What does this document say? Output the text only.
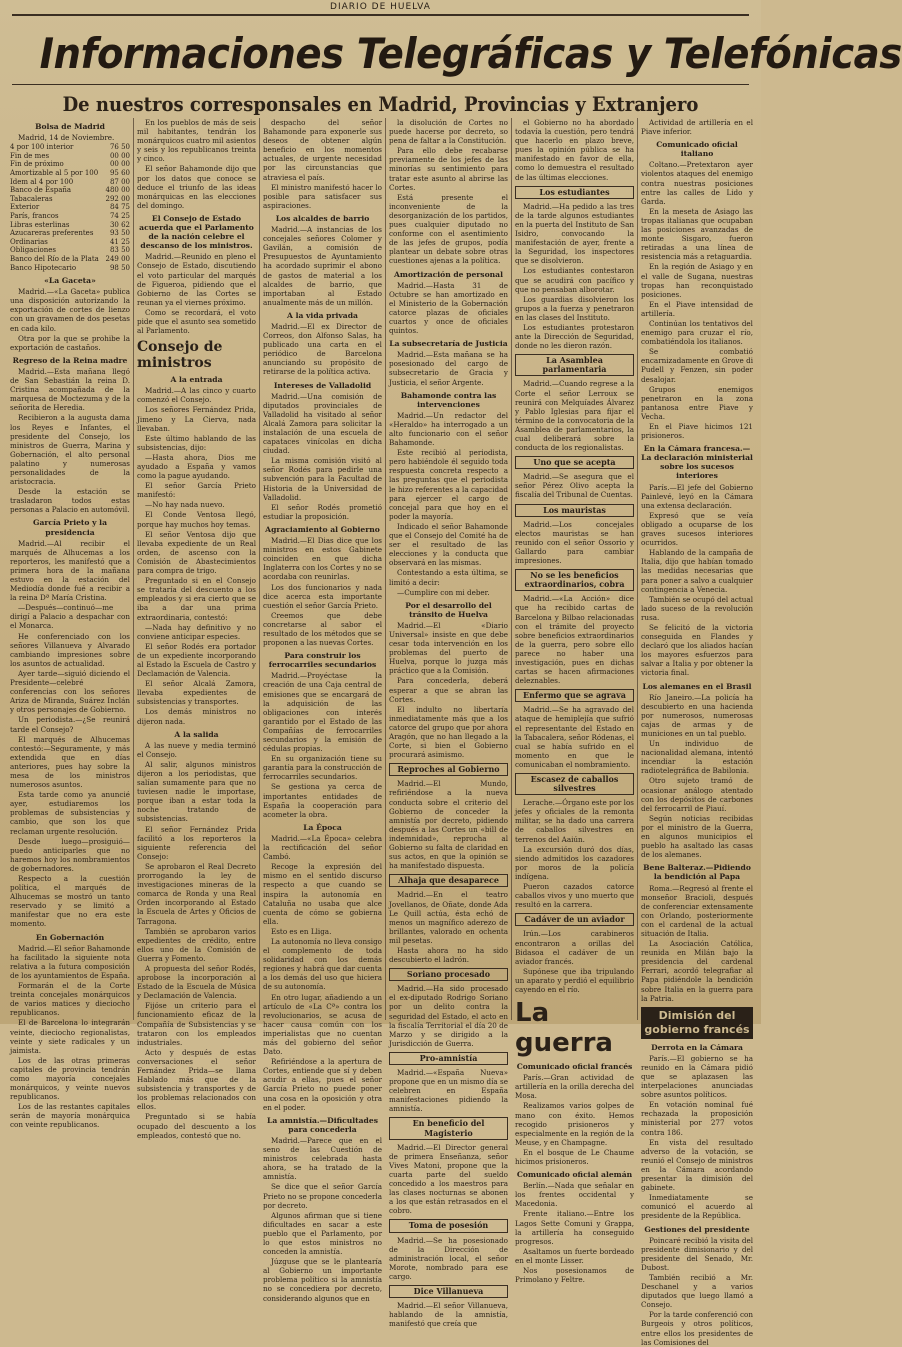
DIARIO DE HUELVA
Informaciones Telegráficas y Telefónicas
De nuestros corresponsales en Madrid, Provincias y Extranjero

Bolsa de Madrid

Madrid, 14 de Noviembre.

4 por 100 interior	76 50
Fin de mes	00 00
Fin de próximo	00 00
Amortizable al 5 por 100	95 60
Idem al 4 por 100	87 00
Banco de España	480 00
Tabacaleras	292 00
Exterior	84 75
París, francos	74 25
Libras esterlinas	30 62
Azucareras preferentes	93 50
Ordinarias	41 25
Obligaciones	83 50
Banco del Río de la Plata	249 00
Banco Hipotecario	98 50

«La Gaceta»

Madrid.—«La Gaceta» publica una disposición autorizando la exportación de cortes de lienzo con un gravamen de dos pesetas en cada kilo.

Otra por la que se prohibe la exportación de castaños.

Regreso de la Reina madre

Madrid.—Esta mañana llegó de San Sebastián la reina D. Cristina acompañada de la marquesa de Moctezuma y de la señorita de Heredia.

Recibieron a la augusta dama los Reyes e Infantes, el presidente del Consejo, los ministros de Guerra, Marina y Gobernación, el alto personal palatino y numerosas personalidades de la aristocracia.

Desde la estación se trasladaron todos estas personas a Palacio en automóvil.

García Prieto y la presidencia

Madrid.—Al recibir el marqués de Alhucemas a los reporteros, les manifestó que a primera hora de la mañana estuvo en la estación del Mediodía donde fué a recibir a la reina Dª María Cristina.

—Después—continuó—me dirigí a Palacio a despachar con el Monarca.

He conferenciado con los señores Villanueva y Alvarado cambiando impresiones sobre los asuntos de actualidad.

Ayer tarde—siguió diciendo el Presidente—celebré conferencias con los señores Ariza de Miranda, Suárez Inclán y otros personajes de Gobierno.

Un periodista.—¿Se reunirá tarde el Consejo?

El marqués de Alhucemas contestó:—Seguramente, y más extendida que en días anteriores, pues hay sobre la mesa de los ministros numerosos asuntos.

Esta tarde como ya anuncié ayer, estudiaremos los problemas de subsistencias y cambio, que son los que reclaman urgente resolución.

Desde luego—prosiguió—puedo anticiparles que no haremos hoy los nombramientos de gobernadores.

Respecto a la cuestión política, el marqués de Alhucemas se mostró un tanto reservado y se limitó a manifestar que no era este momento.

En Gobernación

Madrid.—El señor Bahamonde ha facilitado la siguiente nota relativa a la futura composición de los ayuntamientos de España.

Formarán el de la Corte treinta concejales monárquicos de varios matices y dieciocho republicanos.

El de Barcelona lo integrarán veinte, dieciocho regionalistas, veinte y siete radicales y un jaimista.

Los de las otras primeras capitales de provincia tendrán como mayoría concejales monárquicos, y veinte nuevos republicanos.

Los de las restantes capitales serán de mayoría monárquica con veinte republicanos.

En los pueblos de más de seis mil habitantes, tendrán los monárquicos cuatro mil asientos y seis y los republicanos treinta y cinco.

El señor Bahamonde dijo que por los datos que conoce se deduce el triunfo de las ideas monárquicas en las elecciones del domingo.

El Consejo de Estado acuerda que el Parlamento de la nación celebre el descanso de los ministros.

Madrid.—Reunido en pleno el Consejo de Estado, discutiendo el voto particular del marqués de Figueroa, pidiendo que el Gobierno de las Cortes se reunan ya el viernes próximo.

Como se recordará, el voto pide que el asunto sea sometido al Parlamento.

Consejo de ministros

A la entrada

Madrid.—A las cinco y cuarto comenzó el Consejo.

Los señores Fernández Prida, Jimeno y La Cierva, nada llevaban.

Este último hablando de las subsistencias, dijo:

—Hasta ahora, Dios me ayudado a España y vamos como la pague ayudando.

El señor García Prieto manifestó:

—No hay nada nuevo.

El Conde Ventosa llegó, porque hay muchos hoy temas.

El señor Ventosa dijo que llevaba expediente de un Real orden, de ascenso con la Comisión de Abastecimientos para compra de trigo.

Preguntado si en el Consejo se trataría del descuento a los empleados y si era cierto que se iba a dar una prima extraordinaria, contestó:

—Nada hay definitivo y no conviene anticipar especies.

El señor Rodés era portador de un expediente incorporando al Estado la Escuela de Castro y Declamación de Valencia.

El señor Alcalá Zamora, llevaba expedientes de subsistencias y transportes.

Los demás ministros no dijeron nada.

A la salida

A las nueve y media terminó el Consejo.

Al salir, algunos ministros dijeron a los periodistas, que salían sumamente para que no tuviesen nadie le importase, porque iban a estar toda la noche tratando de subsistencias.

El señor Fernández Prida facilitó a los reporteros la siguiente referencia del Consejo:

Se aprobaron el Real Decreto prorrogando la ley de investigaciones mineras de la comarca de Ronda y una Real Orden incorporando al Estado la Escuela de Artes y Oficios de Tarragona.

También se aprobaron varios expedientes de crédito, entre ellos uno de la Comisión de Guerra y Fomento.

A propuesta del señor Rodés, aprobose la incorporación al Estado de la Escuela de Música y Declamación de Valencia.

Fijóse un criterio para el funcionamiento eficaz de la Compañía de Subsistencias y se trataron con los empleados industriales.

Acto y después de estas conversaciones el señor Fernández Prida—se llama Hablado más que de la subsistencia y transportes y de los problemas relacionados con ellos.

Preguntado si se había ocupado del descuento a los empleados, contestó que no.

despacho del señor Bahamonde para exponerle sus deseos de obtener algún beneficio en los momentos actuales, de urgente necesidad por las circunstancias que atraviesa el país.

El ministro manifestó hacer lo posible para satisfacer sus aspiraciones.

Los alcaldes de barrio

Madrid.—A instancias de los concejales señores Colomer y Gavilán, a comisión de Presupuestos de Ayuntamiento ha acordado suprimir el abono de gastos de material a los alcaldes de barrio, que importaban al Estado anualmente más de un millón.

A la vida privada

Madrid.—El ex Director de Correos, don Alfonso Salas, ha publicado una carta en el periódico de Barcelona anunciando su propósito de retirarse de la política activa.

Intereses de Valladolid

Madrid.—Una comisión de diputados provinciales de Valladolid ha visitado al señor Alcalá Zamora para solicitar la instalación de una escuela de capataces vinícolas en dicha ciudad.

La misma comisión visitó al señor Rodés para pedirle una subvención para la Facultad de Historia de la Universidad de Valladolid.

El señor Rodés prometió estudiar la proposición.

Agraciamiento al Gobierno

Madrid.—El Dias dice que los ministros en estos Gabinete coinciden en que dicha Inglaterra con los Cortes y no se acordaba con reunirlas.

Los dos funcionarios y nada dice acerca esta importante cuestión el señor García Prieto.

Creemos que debe concretarse al sabor el resultado de los métodos que se proponen a las nuevas Cortes.

Para construir los ferrocarriles secundarios

Madrid.—Proyéctase la creación de una Caja central de emisiones que se encargará de la adquisición de las obligaciones con interés garantido por el Estado de las Compañías de ferrocarriles secundarios y la emisión de cédulas propias.

En su organización tiene su garantía para la construcción de ferrocarriles secundarios.

Se gestiona ya cerca de importantes entidades de España la cooperación para acometer la obra.

La Época

Madrid.—«La Época» celebra la rectificación del señor Cambó.

Recoge la expresión del mismo en el sentido discurso respecto a que cuando se inspira la autonomía en Cataluña no usaba que alce cuenta de cómo se gobierna ella.

Esto es en Lliga.

La autonomía no lleva consigo el complemento de toda solidaridad con los demás regiones y habrá que dar cuenta a los demás del uso que hiciera de su autonomía.

En otro lugar, añadiendo a un artículo de «La Cª» contra los revolucionarios, se acusa de hacer causa común con los imperialistas que no cuentan más del gobierno del señor Dato.

Refiriéndose a la apertura de Cortes, entiende que sí y deben acudir a ellas, pues el señor García Prieto no puede poner una cosa en la oposición y otra en el poder.

La amnistía.—Dificultades para concederla

Madrid.—Parece que en el seno de las Cuestión de ministros celebrada hasta ahora, se ha tratado de la amnistía.

Se dice que el señor García Prieto no se propone concederla por decreto.

Algunos afirman que si tiene dificultades en sacar a este pueblo que el Parlamento, por lo que estos ministros no conceden la amnistía.

Júzguse que se le plantearía al Gobierno un importante problema político si la amnistía no se concediera por decreto, considerando algunos que en

la disolución de Cortes no puede hacerse por decreto, so pena de faltar a la Constitución.

Para ello debe recabarse previamente de los jefes de las minorías su sentimiento para tratar este asunto al abrirse las Cortes.

Está presente el inconveniente de la desorganización de los partidos, pues cualquier diputado no conforme con el asentimiento de las jefes de grupos, podía plantear un debate sobre otras cuestiones ajenas a la política.

Amortización de personal

Madrid.—Hasta 31 de Octubre se han amortizado en el Ministerio de la Gobernación catorce plazas de oficiales cuartos y once de oficiales quintos.

La subsecretaría de Justicia

Madrid.—Esta mañana se ha posesionado del cargo de subsecretario de Gracia y Justicia, el señor Argente.

Bahamonde contra las intervenciones

Madrid.—Un redactor del «Heraldo» ha interrogado a un alto funcionario con el señor Bahamonde.

Este recibió al periodista, pero habiéndole él seguido toda respuesta concreta respecto a las preguntas que el periodista le hizo referentes a la capacidad para ejercer el cargo de concejal para que hoy en el poder la mayoría.

Indicado el señor Bahamonde que el Consejo del Comité ha de ser el resultado de las elecciones y la conducta que observará en las mismas.

Contestando a esta última, se limitó a decir:

—Cumplire con mi deber.

Por el desarrollo del tránsito de Huelva

Madrid.—El «Diario Universal» insiste en que debe cesar toda intervención en los problemas del puerto de Huelva, porque lo juzga más práctico que a la Comisión.

Para concederla, deberá esperar a que se abran las Cortes.

El indulto no libertaría inmediatamente más que a los catorce del grupo que por ahora Aragón, que no han llegado a la Corte, si bien el Gobierno procurará asimismo.

Reproches al Gobierno

Madrid.—El Mundo, refiriéndose a la nueva conducta sobre el criterio del Gobierno de conceder la amnistía por decreto, pidiendo después a las Cortes un «bill de indemnidad», reprocha al Gobierno su falta de claridad en sus actos, en que la opinión se ha manifestado dispuesta.

Alhaja que desaparece

Madrid.—En el teatro Jovellanos, de Oñate, donde Ada Le Quill actúa, ésta echó de menos un magnífico aderezo de brillantes, valorado en ochenta mil pesetas.

Hasta ahora no ha sido descubierto el ladrón.

Soriano procesado

Madrid.—Ha sido procesado el ex-diputado Rodrigo Soriano por un delito contra la seguridad del Estado, el acto en la fiscalía Territorial el día 20 de Marzo y se dirigido a la Jurisdicción de Guerra.

Pro-amnistía

Madrid.—«España Nueva» propone que en un mismo día se celebren en España manifestaciones pidiendo la amnistía.

En beneficio del Magisterio

Madrid.—El Director general de primera Enseñanza, señor Vives Matoni, propone que la cuarta parte del sueldo concedido a los maestros para las clases nocturnas se abonen a los que están retrasados en el cobro.

Toma de posesión

Madrid.—Se ha posesionado de la Dirección de administración local, el señor Morote, nombrado para ese cargo.

Dice Villanueva

Madrid.—El señor Villanueva, hablando de la amnistía, manifestó que creía que

el Gobierno no ha abordado todavía la cuestión, pero tendrá que hacerlo en plazo breve, pues la opinión pública se ha manifestado en favor de ella, como lo demuestra el resultado de las últimas elecciones.

Los estudiantes

Madrid.—Ha pedido a las tres de la tarde algunos estudiantes en la puerta del Instituto de San Isidro, convocando la manifestación de ayer, frente a la Seguridad, los inspectores que se disolvieron.

Los estudiantes contestaron que se acudirá con pacífico y que no pensaban alborotar.

Los guardias disolvieron los grupos a la fuerza y penetraron en las clases del Instituto.

Los estudiantes protestaron ante la Dirección de Seguridad, donde no les dieron razón.

La Asamblea parlamentaria

Madrid.—Cuando regrese a la Corte el señor Lerroux se reunirá con Melquíades Álvarez y Pablo Iglesias para fijar el término de la convocatoria de la Asamblea de parlamentarios, la cual deliberará sobre la conducta de los regionalistas.

Uno que se acepta

Madrid.—Se asegura que el señor Pérez Olivo acepta la fiscalía del Tribunal de Cuentas.

Los mauristas

Madrid.—Los concejales electos mauristas se han reunido con el señor Ossorio y Gallardo para cambiar impresiones.

No se les beneficios extraordinarios, cobra

Madrid.—«La Acción» dice que ha recibido cartas de Barcelona y Bilbao relacionadas con el trámite del proyecto sobre beneficios extraordinarios de la guerra, pero sobre ello parece no haber una investigación, pues en dichas cartas se hacen afirmaciones deleznables.

Enfermo que se agrava

Madrid.—Se ha agravado del ataque de hemiplejía que sufrió el representante del Estado en la Tabacalera, señor Ródenas, el cual se había sufrido en el momento en que le comunicaban el nombramiento.

Escasez de caballos silvestres

Lerache.—Órgano este por los jefes y oficiales de la remonta militar, se ha dado una carrera de caballos silvestres en terrenos del Aaiún.

La excursión duró dos días, siendo admitidos los cazadores por moros de la policía indígena.

Pueron cazados catorce caballos vivos y uno muerto que resultó en la carrera.

Cadáver de un aviador

Irún.—Los carabineros encontraron a orillas del Bidasoa el cadáver de un aviador francés.

Supónese que iba tripulando un aparato y perdió el equilibrio cayendo en el río.

La guerra

Comunicado oficial francés

París.—Gran actividad de artillería en la orilla derecha del Mosa.

Realizamos varios golpes de mano con éxito. Hemos recogido prisioneros y especialmente en la región de la Meuse, y en Champagne.

En el bosque de Le Chaume hicimos prisioneros.

Comunicado oficial alemán

Berlín.—Nada que señalar en los frentes occidental y Macedonia.

Frente italiano.—Entre los Lagos Sette Comuni y Grappa, la artillería ha conseguido progresos.

Asaltamos un fuerte bordeado en el monte Lisser.

Nos posesionamos de Primolano y Feltre.

Actividad de artillería en el Piave inferior.

Comunicado oficial italiano

Coltano.—Pretextaron ayer violentos ataques del enemigo contra nuestras posiciones entre las calles de Lido y Garda.

En la meseta de Asiago las tropas italianas que ocupaban las posiciones avanzadas de monte Sisgaro, fueron retiradas a una línea de resistencia más a retaguardia.

En la región de Asiago y en el valle de Sugana, nuestras tropas han reconquistado posiciones.

En el Piave intensidad de artillería.

Continúan los tentativos del enemigo para cruzar el río, combatiéndola los italianos.

Se combatió encarnizadamente en Grove di Pudell y Fenzen, sin poder desalojar.

Grupos enemigos penetraron en la zona pantanosa entre Piave y Vecha.

En el Piave hicimos 121 prisioneros.

En la Cámara francesa.—La declaración ministerial sobre los sucesos interiores

París.—El jefe del Gobierno Painlevé, leyó en la Cámara una extensa declaración.

Expresó que se veía obligado a ocuparse de los graves sucesos interiores ocurridos.

Hablando de la campaña de Italia, dijo que habían tomado las medidas necesarias que para poner a salvo a cualquier contingencia a Venecia.

También se ocupó del actual lado suceso de la revolución rusa.

Se felicitó de la victoria conseguida en Flandes y declaró que los aliados hacían los mayores esfuerzos para salvar a Italia y por obtener la victoria final.

Los alemanes en el Brasil

Río Janeiro.—La policía ha descubierto en una hacienda por numerosos, numerosas cajas de armas y de municiones en un tal pueblo.

Un individuo de nacionalidad alemana, intentó incendiar la estación radiotelegráfica de Babilonia.

Otro sujeto tramó de ocasionar análogo atentado con los depósitos de carbones del ferrocarril de Piauí.

Según noticias recibidas por el ministro de la Guerra, en algunos municipios el pueblo ha asaltado las casas de los alemanes.

Bene Balteraz.—Pidiendo la bendición al Papa

Roma.—Regresó al frente el monseñor Bracioli, después de conferenciar extensamente con Orlando, posteriormente con el cardenal de la actual situación de Italia.

La Asociación Católica, reunida en Milán bajo la presidencia del cardenal Ferrari, acordó telegrafiar al Papa pidiéndole la bendición sobre Italia en la guerra para la Patria.

Dimisión del gobierno francés

Derrota en la Cámara

París.—El gobierno se ha reunido en la Cámara pidió que se aplazasen las interpelaciones anunciadas sobre asuntos políticos.

En votación nominal fué rechazada la proposición ministerial por 277 votos contra 186.

En vista del resultado adverso de la votación, se reunió el Consejo de ministros en la Cámara acordando presentar la dimisión del gabinete.

Inmediatamente se comunicó el acuerdo al presidente de la República.

Gestiones del presidente

Poincaré recibió la visita del presidente dimisionario y del presidente del Senado, Mr. Dubost.

También recibió a Mr. Deschanel y a varios diputados que luego llamó a Consejo.

Por la tarde conferenció con Burgeois y otros políticos, entre ellos los presidentes de las Comisiones del
